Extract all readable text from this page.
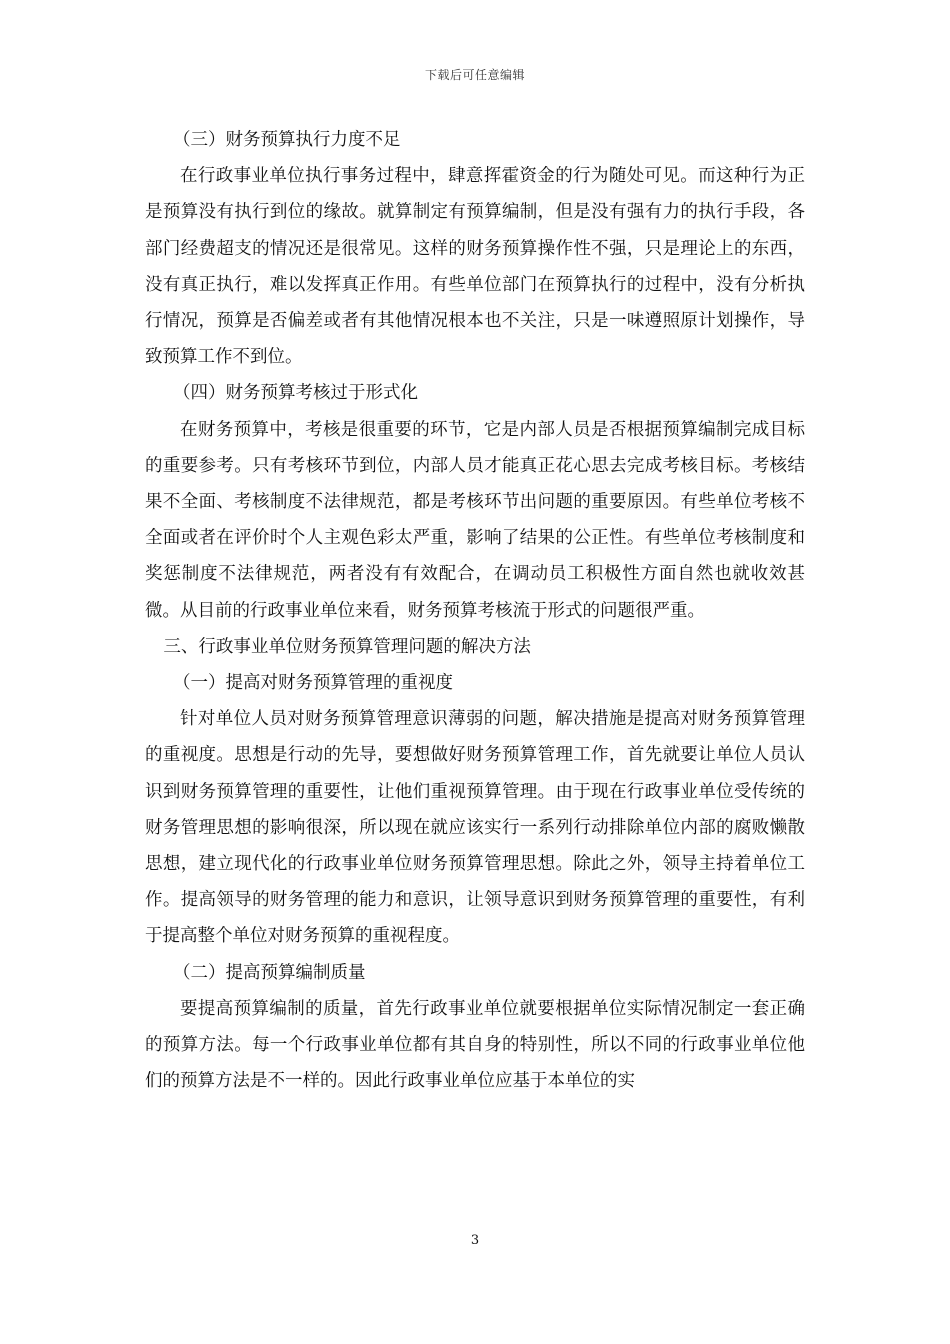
下载后可任意编辑

（三）财务预算执行力度不足

在行政事业单位执行事务过程中，肆意挥霍资金的行为随处可见。而这种行为正是预算没有执行到位的缘故。就算制定有预算编制，但是没有强有力的执行手段，各部门经费超支的情况还是很常见。这样的财务预算操作性不强，只是理论上的东西，没有真正执行，难以发挥真正作用。有些单位部门在预算执行的过程中，没有分析执行情况，预算是否偏差或者有其他情况根本也不关注，只是一味遵照原计划操作，导致预算工作不到位。

（四）财务预算考核过于形式化

在财务预算中，考核是很重要的环节，它是内部人员是否根据预算编制完成目标的重要参考。只有考核环节到位，内部人员才能真正花心思去完成考核目标。考核结果不全面、考核制度不法律规范，都是考核环节出问题的重要原因。有些单位考核不全面或者在评价时个人主观色彩太严重，影响了结果的公正性。有些单位考核制度和奖惩制度不法律规范，两者没有有效配合，在调动员工积极性方面自然也就收效甚微。从目前的行政事业单位来看，财务预算考核流于形式的问题很严重。

三、行政事业单位财务预算管理问题的解决方法

（一）提高对财务预算管理的重视度

针对单位人员对财务预算管理意识薄弱的问题，解决措施是提高对财务预算管理的重视度。思想是行动的先导，要想做好财务预算管理工作，首先就要让单位人员认识到财务预算管理的重要性，让他们重视预算管理。由于现在行政事业单位受传统的财务管理思想的影响很深，所以现在就应该实行一系列行动排除单位内部的腐败懒散思想，建立现代化的行政事业单位财务预算管理思想。除此之外，领导主持着单位工作。提高领导的财务管理的能力和意识，让领导意识到财务预算管理的重要性，有利于提高整个单位对财务预算的重视程度。

（二）提高预算编制质量

要提高预算编制的质量，首先行政事业单位就要根据单位实际情况制定一套正确的预算方法。每一个行政事业单位都有其自身的特别性，所以不同的行政事业单位他们的预算方法是不一样的。因此行政事业单位应基于本单位的实

3
